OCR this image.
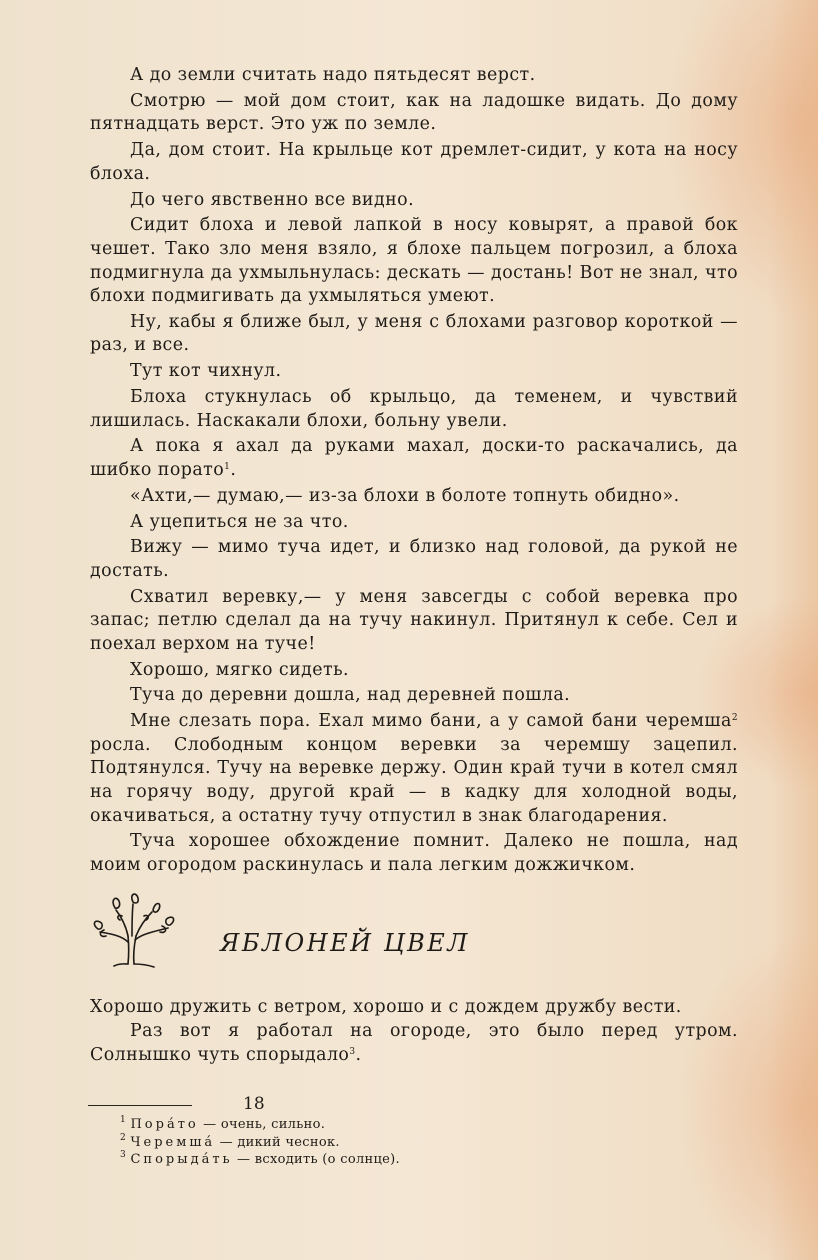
А до земли считать надо пятьдесят верст.

Смотрю — мой дом стоит, как на ладошке видать. До дому пятнадцать верст. Это уж по земле.

Да, дом стоит. На крыльце кот дремлет-сидит, у кота на носу блоха.

До чего явственно все видно.

Сидит блоха и левой лапкой в носу ковырят, а правой бок чешет. Тако зло меня взяло, я блохе пальцем погрозил, а блоха подмигнула да ухмыльнулась: дескать — достань! Вот не знал, что блохи подмигивать да ухмыляться умеют.

Ну, кабы я ближе был, у меня с блохами разговор короткой — раз, и все.

Тут кот чихнул.

Блоха стукнулась об крыльцо, да теменем, и чувствий лишилась. Наскакали блохи, больну увели.

А пока я ахал да руками махал, доски-то раскачались, да шибко порато$^1$.

«Ахти,— думаю,— из-за блохи в болоте топнуть обидно».

А уцепиться не за что.

Вижу — мимо туча идет, и близко над головой, да рукой не достать.

Схватил веревку,— у меня завсегды с собой веревка про запас; петлю сделал да на тучу накинул. Притянул к себе. Сел и поехал верхом на туче!

Хорошо, мягко сидеть.

Туча до деревни дошла, над деревней пошла.

Мне слезать пора. Ехал мимо бани, а у самой бани черемша$^2$ росла. Слободным концом веревки за черемшу зацепил. Подтянулся. Тучу на веревке держу. Один край тучи в котел смял на горячу воду, другой край — в кадку для холодной воды, окачиваться, а остатну тучу отпустил в знак благодарения.

Туча хорошее обхождение помнит. Далеко не пошла, над моим огородом раскинулась и пала легким дожжичком.

ЯБЛОНЕЙ ЦВЕЛ

Хорошо дружить с ветром, хорошо и с дождем дружбу вести.

Раз вот я работал на огороде, это было перед утром. Солнышко чуть спорыдало$^3$.

$^1$ Порáто — очень, сильно.
$^2$ Черемшá — дикий чеснок.
$^3$ Спорыдáть — всходить (о солнце).
18
